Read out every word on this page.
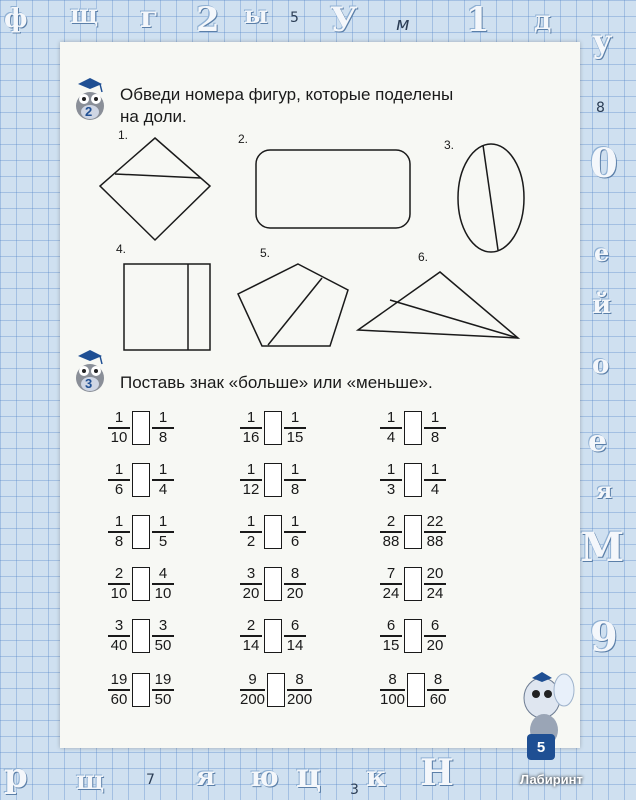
ф щ г 2 ы 5 У м 1 д
у
8
0
е
й
о
е
я
М
9
р щ	я ю
7	ц 3 к Н
2
Обведи номера фигур, которые поделены
на доли.
1.	2.	3.
4.	5.	6.
3 Поставь знак «больше» или «меньше».
$\frac{1}{10} \frac{1}{8}$	$\frac{1}{16} \frac{1}{15}$	$\frac{1}{4} \frac{1}{8}$
$\frac{1}{6} \frac{1}{4}$	$\frac{1}{12} \frac{1}{8}$	$\frac{1}{3} \frac{1}{4}$
$\frac{1}{8} \frac{1}{5}$	$\frac{1}{2} \frac{1}{6}$	$\frac{2}{88} \frac{22}{88}$
$\frac{2}{10} \frac{4}{10}$	$\frac{3}{20} \frac{8}{20}$	$\frac{7}{24} \frac{20}{24}$
$\frac{3}{40} \frac{3}{50}$	$\frac{2}{14} \frac{6}{14}$	$\frac{6}{15} \frac{6}{20}$
$\frac{19}{60} \frac{19}{50}$	$\frac{9}{200} \frac{8}{200}$	$\frac{8}{100} \frac{8}{60}$
5
Лабиринт
